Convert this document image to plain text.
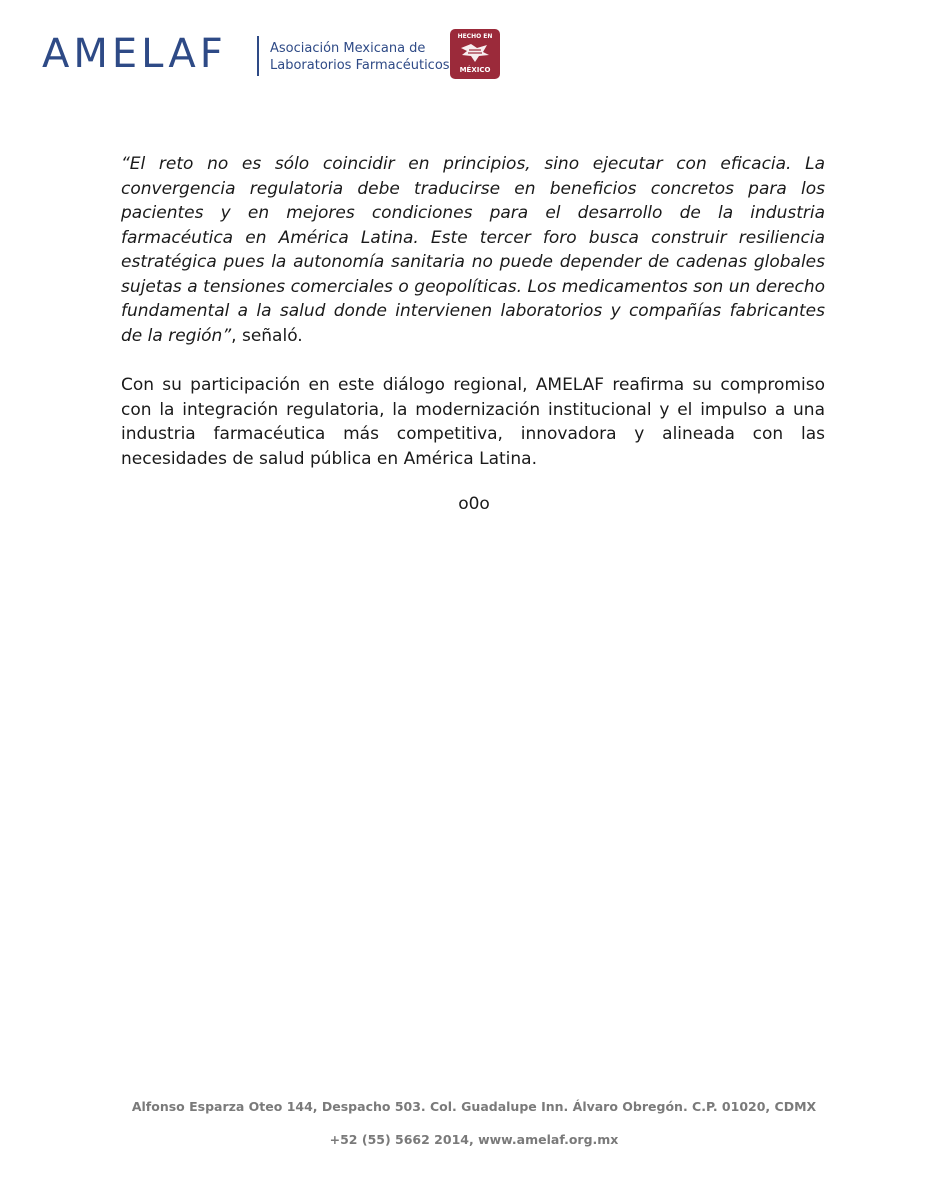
AMELAF	Asociación Mexicana de
Laboratorios Farmacéuticos
HECHO EN
MÉXICO

“El reto no es sólo coincidir en principios, sino ejecutar con eficacia. La convergencia regulatoria debe traducirse en beneficios concretos para los pacientes y en mejores condiciones para el desarrollo de la industria farmacéutica en América Latina. Este tercer foro busca construir resiliencia estratégica pues la autonomía sanitaria no puede depender de cadenas globales sujetas a tensiones comerciales o geopolíticas. Los medicamentos son un derecho fundamental a la salud donde intervienen laboratorios y compañías fabricantes de la región”, señaló.

Con su participación en este diálogo regional, AMELAF reafirma su compromiso con la integración regulatoria, la modernización institucional y el impulso a una industria farmacéutica más competitiva, innovadora y alineada con las necesidades de salud pública en América Latina.

o0o
Alfonso Esparza Oteo 144, Despacho 503. Col. Guadalupe Inn. Álvaro Obregón. C.P. 01020, CDMX
+52 (55) 5662 2014, www.amelaf.org.mx
